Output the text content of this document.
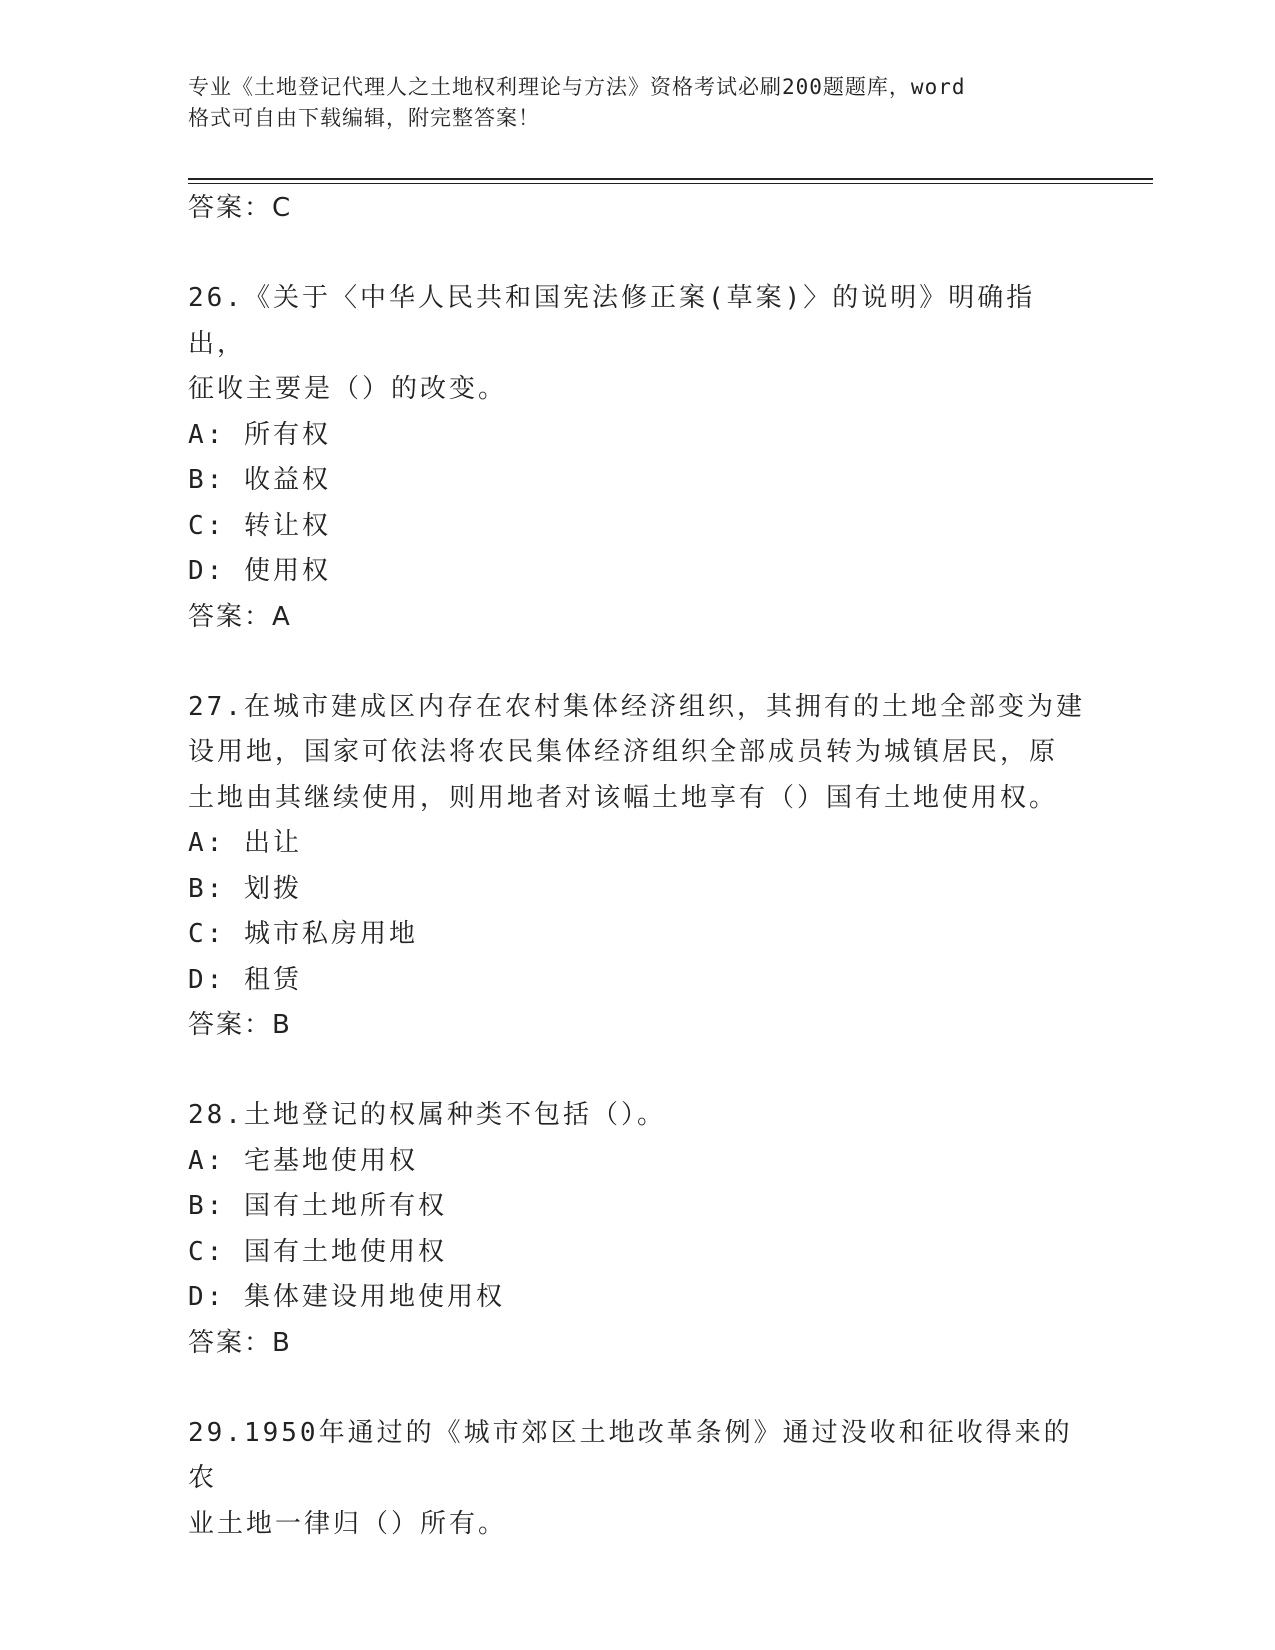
专业《土地登记代理人之土地权利理论与方法》资格考试必刷200题题库，word
格式可自由下载编辑，附完整答案！
答案：C

26.《关于〈中华人民共和国宪法修正案(草案)〉的说明》明确指出，

征收主要是（）的改变。

A: 所有权

B: 收益权

C: 转让权

D: 使用权

答案：A

27.在城市建成区内存在农村集体经济组织，其拥有的土地全部变为建

设用地，国家可依法将农民集体经济组织全部成员转为城镇居民，原

土地由其继续使用，则用地者对该幅土地享有（）国有土地使用权。

A: 出让

B: 划拨

C: 城市私房用地

D: 租赁

答案：B

28.土地登记的权属种类不包括（）。

A: 宅基地使用权

B: 国有土地所有权

C: 国有土地使用权

D: 集体建设用地使用权

答案：B

29.1950年通过的《城市郊区土地改革条例》通过没收和征收得来的农

业土地一律归（）所有。
